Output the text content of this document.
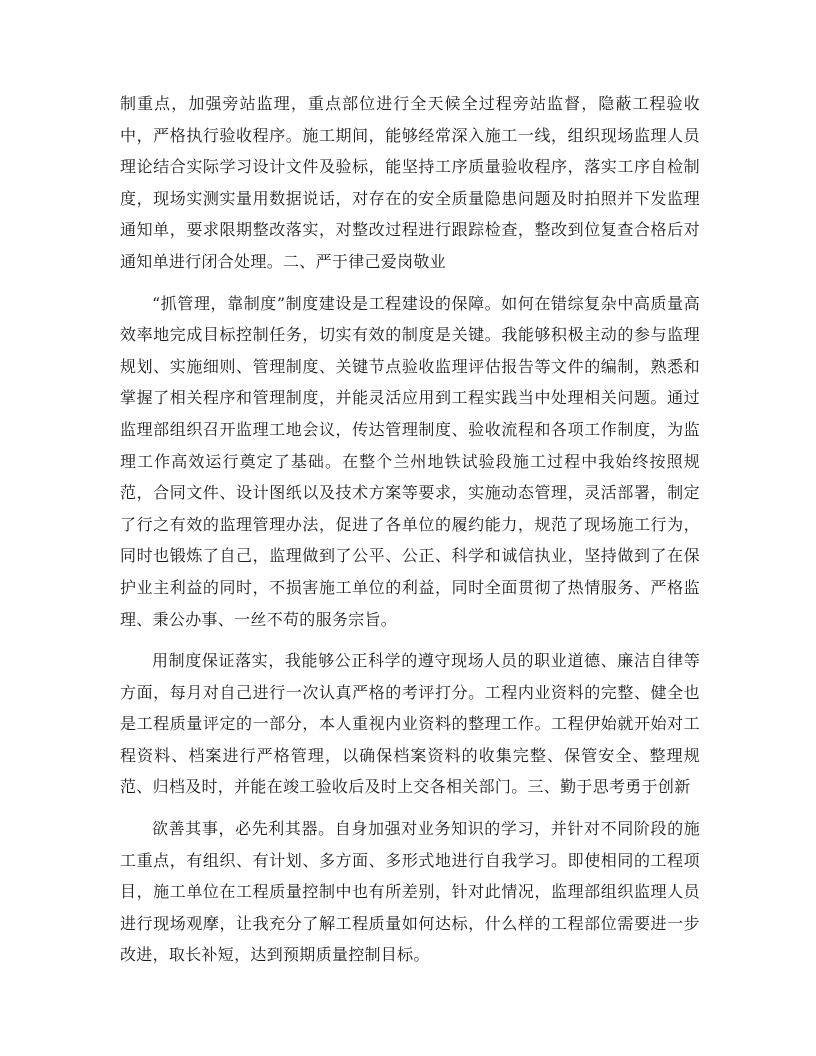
制重点，加强旁站监理，重点部位进行全天候全过程旁站监督，隐蔽工程验收中，严格执行验收程序。施工期间，能够经常深入施工一线，组织现场监理人员理论结合实际学习设计文件及验标，能坚持工序质量验收程序，落实工序自检制度，现场实测实量用数据说话，对存在的安全质量隐患问题及时拍照并下发监理通知单，要求限期整改落实，对整改过程进行跟踪检查，整改到位复查合格后对通知单进行闭合处理。二、严于律己爱岗敬业

“抓管理，靠制度”制度建设是工程建设的保障。如何在错综复杂中高质量高效率地完成目标控制任务，切实有效的制度是关键。我能够积极主动的参与监理规划、实施细则、管理制度、关键节点验收监理评估报告等文件的编制，熟悉和掌握了相关程序和管理制度，并能灵活应用到工程实践当中处理相关问题。通过监理部组织召开监理工地会议，传达管理制度、验收流程和各项工作制度，为监理工作高效运行奠定了基础。在整个兰州地铁试验段施工过程中我始终按照规范，合同文件、设计图纸以及技术方案等要求，实施动态管理，灵活部署，制定了行之有效的监理管理办法，促进了各单位的履约能力，规范了现场施工行为，同时也锻炼了自己，监理做到了公平、公正、科学和诚信执业，坚持做到了在保护业主利益的同时，不损害施工单位的利益，同时全面贯彻了热情服务、严格监理、秉公办事、一丝不苟的服务宗旨。

用制度保证落实，我能够公正科学的遵守现场人员的职业道德、廉洁自律等方面，每月对自己进行一次认真严格的考评打分。工程内业资料的完整、健全也是工程质量评定的一部分，本人重视内业资料的整理工作。工程伊始就开始对工程资料、档案进行严格管理，以确保档案资料的收集完整、保管安全、整理规范、归档及时，并能在竣工验收后及时上交各相关部门。三、勤于思考勇于创新

欲善其事，必先利其器。自身加强对业务知识的学习，并针对不同阶段的施工重点，有组织、有计划、多方面、多形式地进行自我学习。即使相同的工程项目，施工单位在工程质量控制中也有所差别，针对此情况，监理部组织监理人员进行现场观摩，让我充分了解工程质量如何达标，什么样的工程部位需要进一步改进，取长补短，达到预期质量控制目标。
